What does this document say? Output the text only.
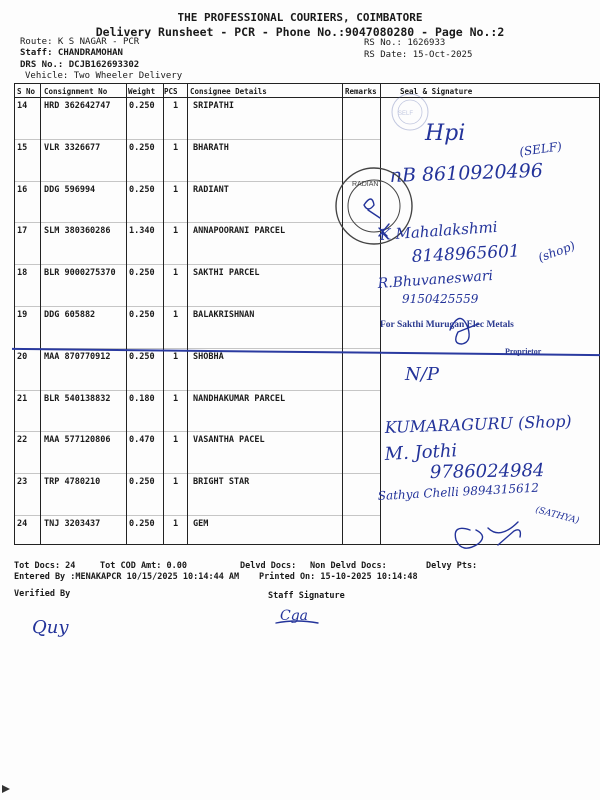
THE PROFESSIONAL COURIERS, COIMBATORE
Delivery Runsheet - PCR - Phone No.:9047080280 - Page No.:2
Route: K S NAGAR - PCR
Staff: CHANDRAMOHAN
DRS No.: DCJB162693302
Vehicle: Two Wheeler Delivery
RS No.: 1626933
RS Date: 15-Oct-2025
S No Consignment No	Weight PCS Consignee Details	Remarks	Seal & Signature
14 HRD 362642747 0.250 1 SRIPATHI
15 VLR 3326677	0.250 1 BHARATH
16 DDG 596994	0.250 1 RADIANT
17 SLM 380360286 1.340 1 ANNAPOORANI PARCEL
18 BLR 9000275370 0.250 1 SAKTHI PARCEL
19 DDG 605882	0.250 1 BALAKRISHNAN
20 MAA 870770912 0.250 1 SHOBHA
21 BLR 540138832 0.180 1 NANDHAKUMAR PARCEL
22 MAA 577120806 0.470 1 VASANTHA PACEL
23 TRP 4780210	0.250 1 BRIGHT STAR
24 TNJ 3203437	0.250 1 GEM
SELF
Hpi
(SELF)
nB 8610920496
RADIANT
K Mahalakshmi
8148965601 (shop)
R.Bhuvaneswari
9150425559
For Sakthi Murugan Elec Metals
Proprietor
N/P
KUMARAGURU (Shop)
M. Jothi
9786024984
Sathya Chelli 9894315612
(SATHYA)
Quy
Cga
Tot Docs: 24	Tot COD Amt: 0.00	Delvd Docs: Non Delvd Docs:	Delvy Pts:
Entered By :MENAKAPCR 10/15/2025 10:14:44 AM Printed On: 15-10-2025 10:14:48
Verified By	Staff Signature
